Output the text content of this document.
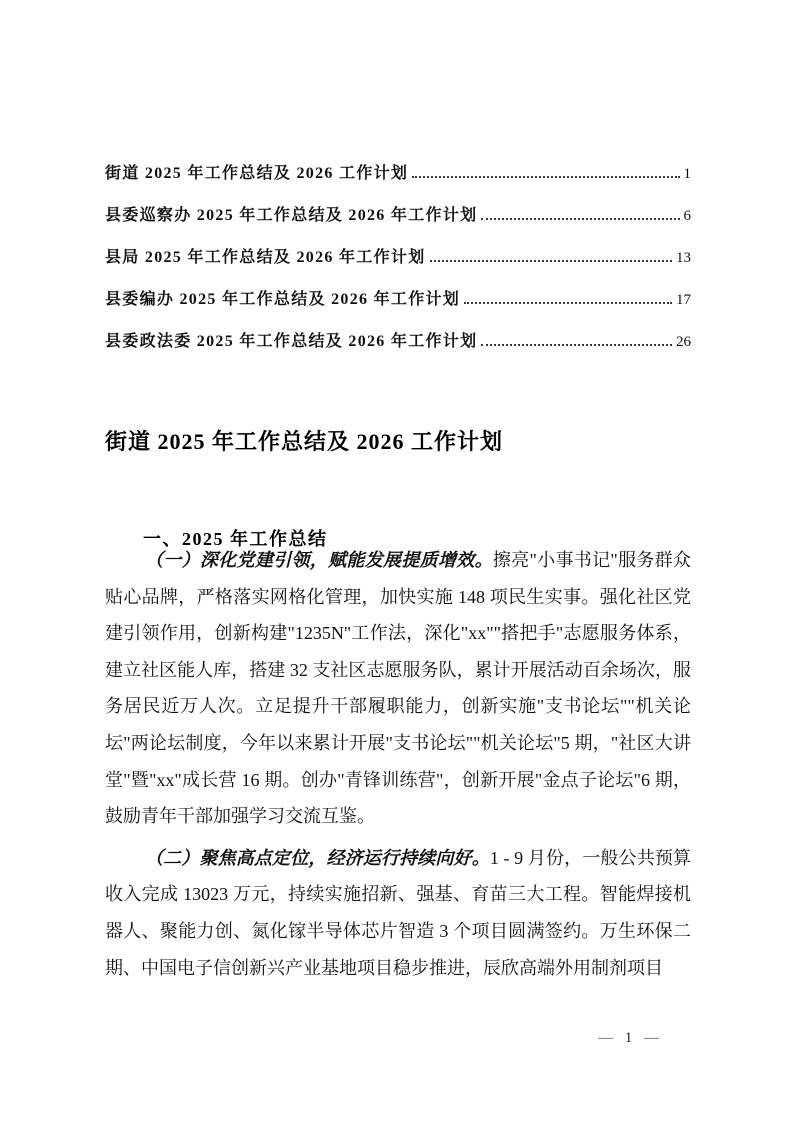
街道 2025 年工作总结及 2026 工作计划	1
县委巡察办 2025 年工作总结及 2026 年工作计划	6
县局 2025 年工作总结及 2026 年工作计划	13
县委编办 2025 年工作总结及 2026 年工作计划	17
县委政法委 2025 年工作总结及 2026 年工作计划	26
街道 2025 年工作总结及 2026 工作计划
一、2025 年工作总结

（一）深化党建引领，赋能发展提质增效。擦亮"小事书记"服务群众贴心品牌，严格落实网格化管理，加快实施 148 项民生实事。强化社区党建引领作用，创新构建"1235N"工作法，深化"xx""搭把手"志愿服务体系，建立社区能人库，搭建 32 支社区志愿服务队，累计开展活动百余场次，服务居民近万人次。立足提升干部履职能力，创新实施"支书论坛""机关论坛"两论坛制度，今年以来累计开展"支书论坛""机关论坛"5 期，"社区大讲堂"暨"xx"成长营 16 期。创办"青锋训练营"，创新开展"金点子论坛"6 期，鼓励青年干部加强学习交流互鉴。

（二）聚焦高点定位，经济运行持续向好。1 - 9 月份，一般公共预算收入完成 13023 万元，持续实施招新、强基、育苗三大工程。智能焊接机器人、聚能力创、氮化镓半导体芯片智造 3 个项目圆满签约。万生环保二期、中国电子信创新兴产业基地项目稳步推进，辰欣高端外用制剂项目

— 1 —
